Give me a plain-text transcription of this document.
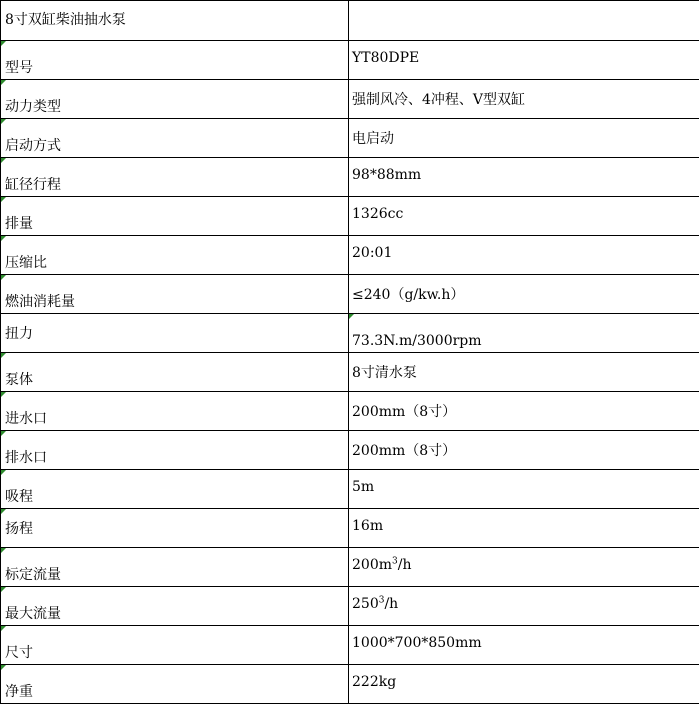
8寸双缸柴油抽水泵	

型号	YT80DPE

动力类型	强制风冷、4冲程、V型双缸

启动方式	电启动

缸径行程	98*88mm

排量	1326cc

压缩比	20:01

燃油消耗量	≤240（g/kw.h）

扭力	73.3N.m/3000rpm

泵体	8寸清水泵

进水口	200mm（8寸）

排水口	200mm（8寸）

吸程	5m

扬程	16m

标定流量	$200m^3/h$

最大流量	$250^3/h$

尺寸	1000*700*850mm

净重	222kg
